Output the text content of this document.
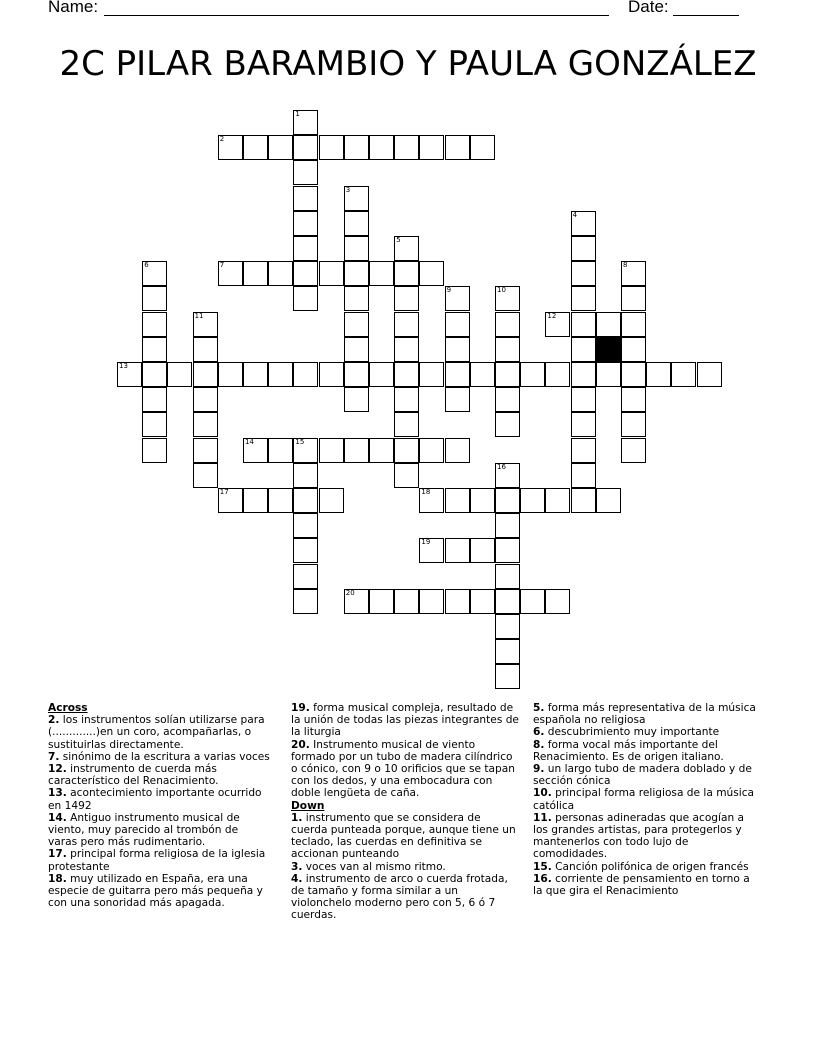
Name:	Date:
2C PILAR BARAMBIO Y PAULA GONZÁLEZ
1
2
3
4
5
6	7	8
9	10
11	12
13
14	15
16
17	18
19
20

Across

2. los instrumentos solían utilizarse para (.............)en un coro, acompañarlas, o sustituirlas directamente.

7. sinónimo de la escritura a varias voces

12. instrumento de cuerda más característico del Renacimiento.

13. acontecimiento importante ocurrido en 1492

14. Antiguo instrumento musical de viento, muy parecido al trombón de varas pero más rudimentario.

17. principal forma religiosa de la iglesia protestante

18. muy utilizado en España, era una especie de guitarra pero más pequeña y con una sonoridad más apagada.

19. forma musical compleja, resultado de la unión de todas las piezas integrantes de la liturgia

20. Instrumento musical de viento formado por un tubo de madera cilíndrico o cónico, con 9 o 10 orificios que se tapan con los dedos, y una embocadura con doble lengüeta de caña.

Down

1. instrumento que se considera de cuerda punteada porque, aunque tiene un teclado, las cuerdas en definitiva se accionan punteando

3. voces van al mismo ritmo.

4. instrumento de arco o cuerda frotada, de tamaño y forma similar a un violonchelo moderno pero con 5, 6 ó 7 cuerdas.

5. forma más representativa de la música española no religiosa

6. descubrimiento muy importante

8. forma vocal más importante del Renacimiento. Es de origen italiano.

9. un largo tubo de madera doblado y de sección cónica

10. principal forma religiosa de la música católica

11. personas adineradas que acogían a los grandes artistas, para protegerlos y mantenerlos con todo lujo de comodidades.

15. Canción polifónica de origen francés

16. corriente de pensamiento en torno a la que gira el Renacimiento
